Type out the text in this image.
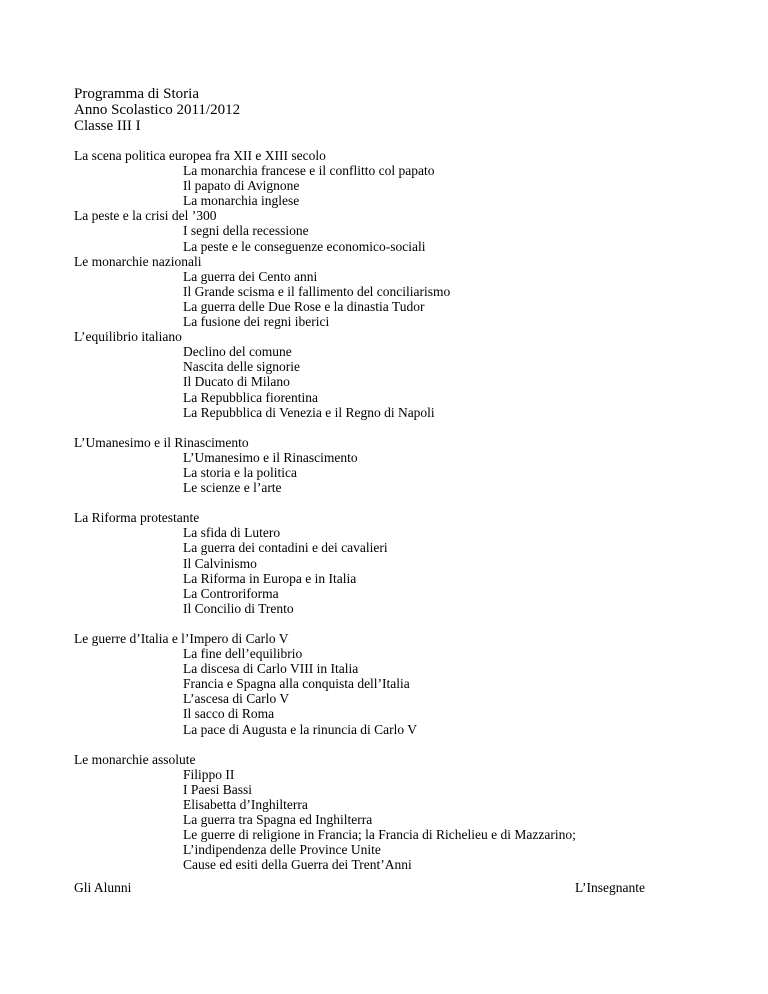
Programma di Storia
Anno Scolastico 2011/2012
Classe III I
La scena politica europea fra XII e XIII secolo
La monarchia francese e il conflitto col papato
Il papato di Avignone
La monarchia inglese
La peste e la crisi del ’300
I segni della recessione
La peste e le conseguenze economico-sociali
Le monarchie nazionali
La guerra dei Cento anni
Il Grande scisma e il fallimento del conciliarismo
La guerra delle Due Rose e la dinastia Tudor
La fusione dei regni iberici
L’equilibrio italiano
Declino del comune
Nascita delle signorie
Il Ducato di Milano
La Repubblica fiorentina
La Repubblica di Venezia e il Regno di Napoli
L’Umanesimo e il Rinascimento
L’Umanesimo e il Rinascimento
La storia e la politica
Le scienze e l’arte
La Riforma protestante
La sfida di Lutero
La guerra dei contadini e dei cavalieri
Il Calvinismo
La Riforma in Europa e in Italia
La Controriforma
Il Concilio di Trento
Le guerre d’Italia e l’Impero di Carlo V
La fine dell’equilibrio
La discesa di Carlo VIII in Italia
Francia e Spagna alla conquista dell’Italia
L’ascesa di Carlo V
Il sacco di Roma
La pace di Augusta e la rinuncia di Carlo V
Le monarchie assolute
Filippo II
I Paesi Bassi
Elisabetta d’Inghilterra
La guerra tra Spagna ed Inghilterra
Le guerre di religione in Francia; la Francia di Richelieu e di Mazzarino;
L’indipendenza delle Province Unite
Cause ed esiti della Guerra dei Trent’Anni
Gli Alunni	L’Insegnante
